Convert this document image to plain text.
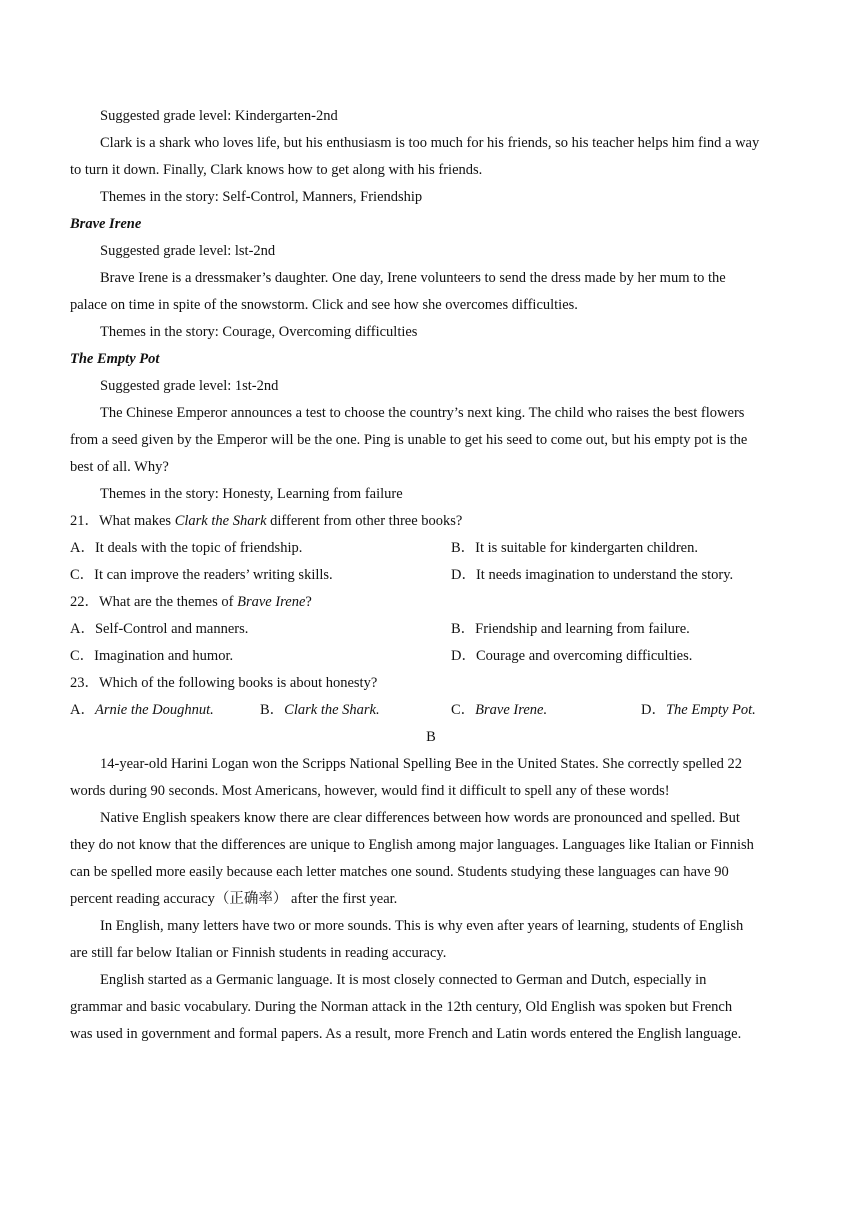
Suggested grade level: Kindergarten-2nd
Clark is a shark who loves life, but his enthusiasm is too much for his friends, so his teacher helps him find a way
to turn it down. Finally, Clark knows how to get along with his friends.
Themes in the story: Self-Control, Manners, Friendship
Brave Irene
Suggested grade level: lst-2nd
Brave Irene is a dressmaker’s daughter. One day, Irene volunteers to send the dress made by her mum to the
palace on time in spite of the snowstorm. Click and see how she overcomes difficulties.
Themes in the story: Courage, Overcoming difficulties
The Empty Pot
Suggested grade level: 1st-2nd
The Chinese Emperor announces a test to choose the country’s next king. The child who raises the best flowers
from a seed given by the Emperor will be the one. Ping is unable to get his seed to come out, but his empty pot is the
best of all. Why?
Themes in the story: Honesty, Learning from failure
21．What makes Clark the Shark different from other three books?
A．It deals with the topic of friendship.	B．It is suitable for kindergarten children.
C．It can improve the readers’ writing skills.	D．It needs imagination to understand the story.
22．What are the themes of Brave Irene?
A．Self-Control and manners.	B．Friendship and learning from failure.
C．Imagination and humor.	D．Courage and overcoming difficulties.
23．Which of the following books is about honesty?
A．Arnie the Doughnut.	B．Clark the Shark.	C．Brave Irene.	D．The Empty Pot.
B
14-year-old Harini Logan won the Scripps National Spelling Bee in the United States. She correctly spelled 22
words during 90 seconds. Most Americans, however, would find it difficult to spell any of these words!
Native English speakers know there are clear differences between how words are pronounced and spelled. But
they do not know that the differences are unique to English among major languages. Languages like Italian or Finnish
can be spelled more easily because each letter matches one sound. Students studying these languages can have 90
percent reading accuracy（正确率） after the first year.
In English, many letters have two or more sounds. This is why even after years of learning, students of English
are still far below Italian or Finnish students in reading accuracy.
English started as a Germanic language. It is most closely connected to German and Dutch, especially in
grammar and basic vocabulary. During the Norman attack in the 12th century, Old English was spoken but French
was used in government and formal papers. As a result, more French and Latin words entered the English language.
